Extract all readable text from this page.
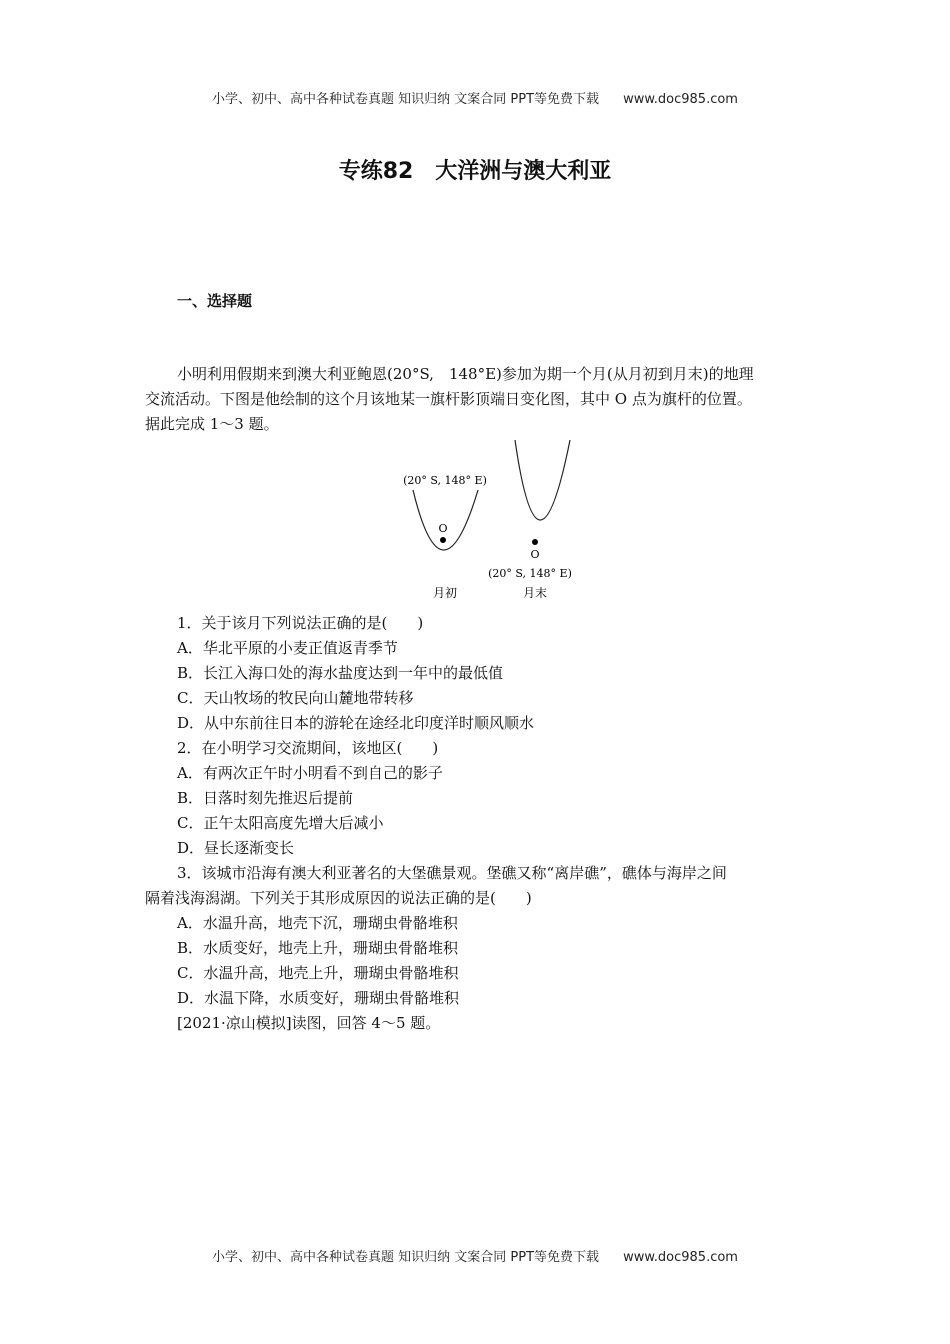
小学、初中、高中各种试卷真题 知识归纳 文案合同 PPT等免费下载 www.doc985.com
专练82　大洋洲与澳大利亚
一、选择题
小明利用假期来到澳大利亚鲍恩(20°S,　148°E)参加为期一个月(从月初到月末)的地理
交流活动。下图是他绘制的这个月该地某一旗杆影顶端日变化图，其中 O 点为旗杆的位置。
据此完成 1～3 题。
(20° S, 148° E)
O
O
(20° S, 148° E)
月初	月末
1．关于该月下列说法正确的是(　　)
A．华北平原的小麦正值返青季节
B．长江入海口处的海水盐度达到一年中的最低值
C．天山牧场的牧民向山麓地带转移
D．从中东前往日本的游轮在途经北印度洋时顺风顺水
2．在小明学习交流期间，该地区(　　)
A．有两次正午时小明看不到自己的影子
B．日落时刻先推迟后提前
C．正午太阳高度先增大后减小
D．昼长逐渐变长
3．该城市沿海有澳大利亚著名的大堡礁景观。堡礁又称“离岸礁”，礁体与海岸之间
隔着浅海潟湖。下列关于其形成原因的说法正确的是(　　)
A．水温升高，地壳下沉，珊瑚虫骨骼堆积
B．水质变好，地壳上升，珊瑚虫骨骼堆积
C．水温升高，地壳上升，珊瑚虫骨骼堆积
D．水温下降，水质变好，珊瑚虫骨骼堆积
[2021·凉山模拟]读图，回答 4～5 题。
小学、初中、高中各种试卷真题 知识归纳 文案合同 PPT等免费下载 www.doc985.com
